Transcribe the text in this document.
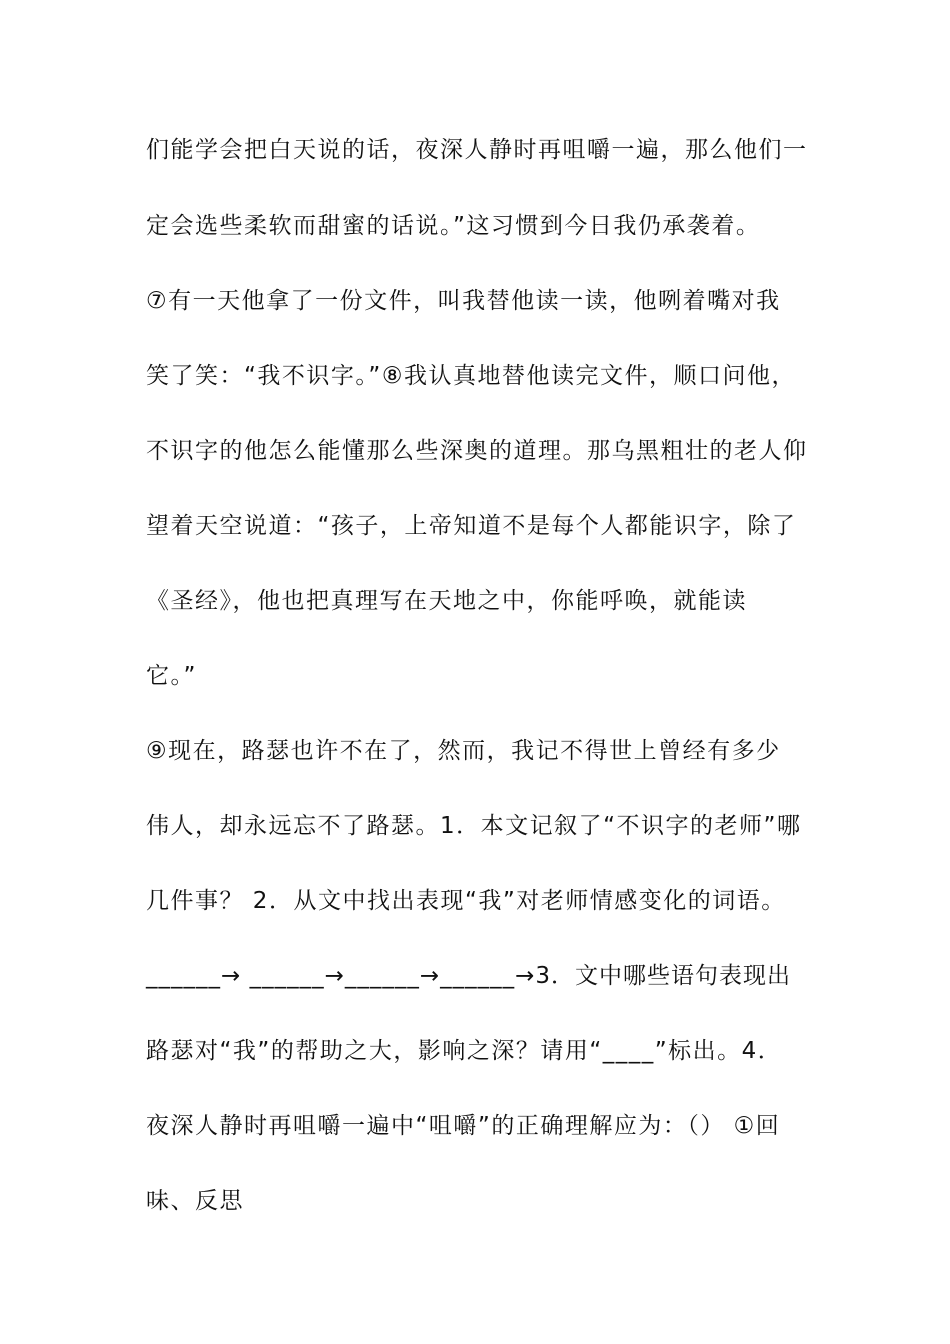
们能学会把白天说的话，夜深人静时再咀嚼一遍，那么他们一
定会选些柔软而甜蜜的话说。”这习惯到今日我仍承袭着。
⑦有一天他拿了一份文件，叫我替他读一读，他咧着嘴对我
笑了笑：“我不识字。”⑧我认真地替他读完文件，顺口问他，
不识字的他怎么能懂那么些深奥的道理。那乌黑粗壮的老人仰
望着天空说道：“孩子，上帝知道不是每个人都能识字，除了
《圣经》，他也把真理写在天地之中，你能呼唤，就能读
它。”
⑨现在，路瑟也许不在了，然而，我记不得世上曾经有多少
伟人，却永远忘不了路瑟。1．本文记叙了“不识字的老师”哪
几件事？ 2．从文中找出表现“我”对老师情感变化的词语。
______→ ______→______→______→3．文中哪些语句表现出
路瑟对“我”的帮助之大，影响之深？请用“____”标出。4．
夜深人静时再咀嚼一遍中“咀嚼”的正确理解应为：（） ①回
味、反思
